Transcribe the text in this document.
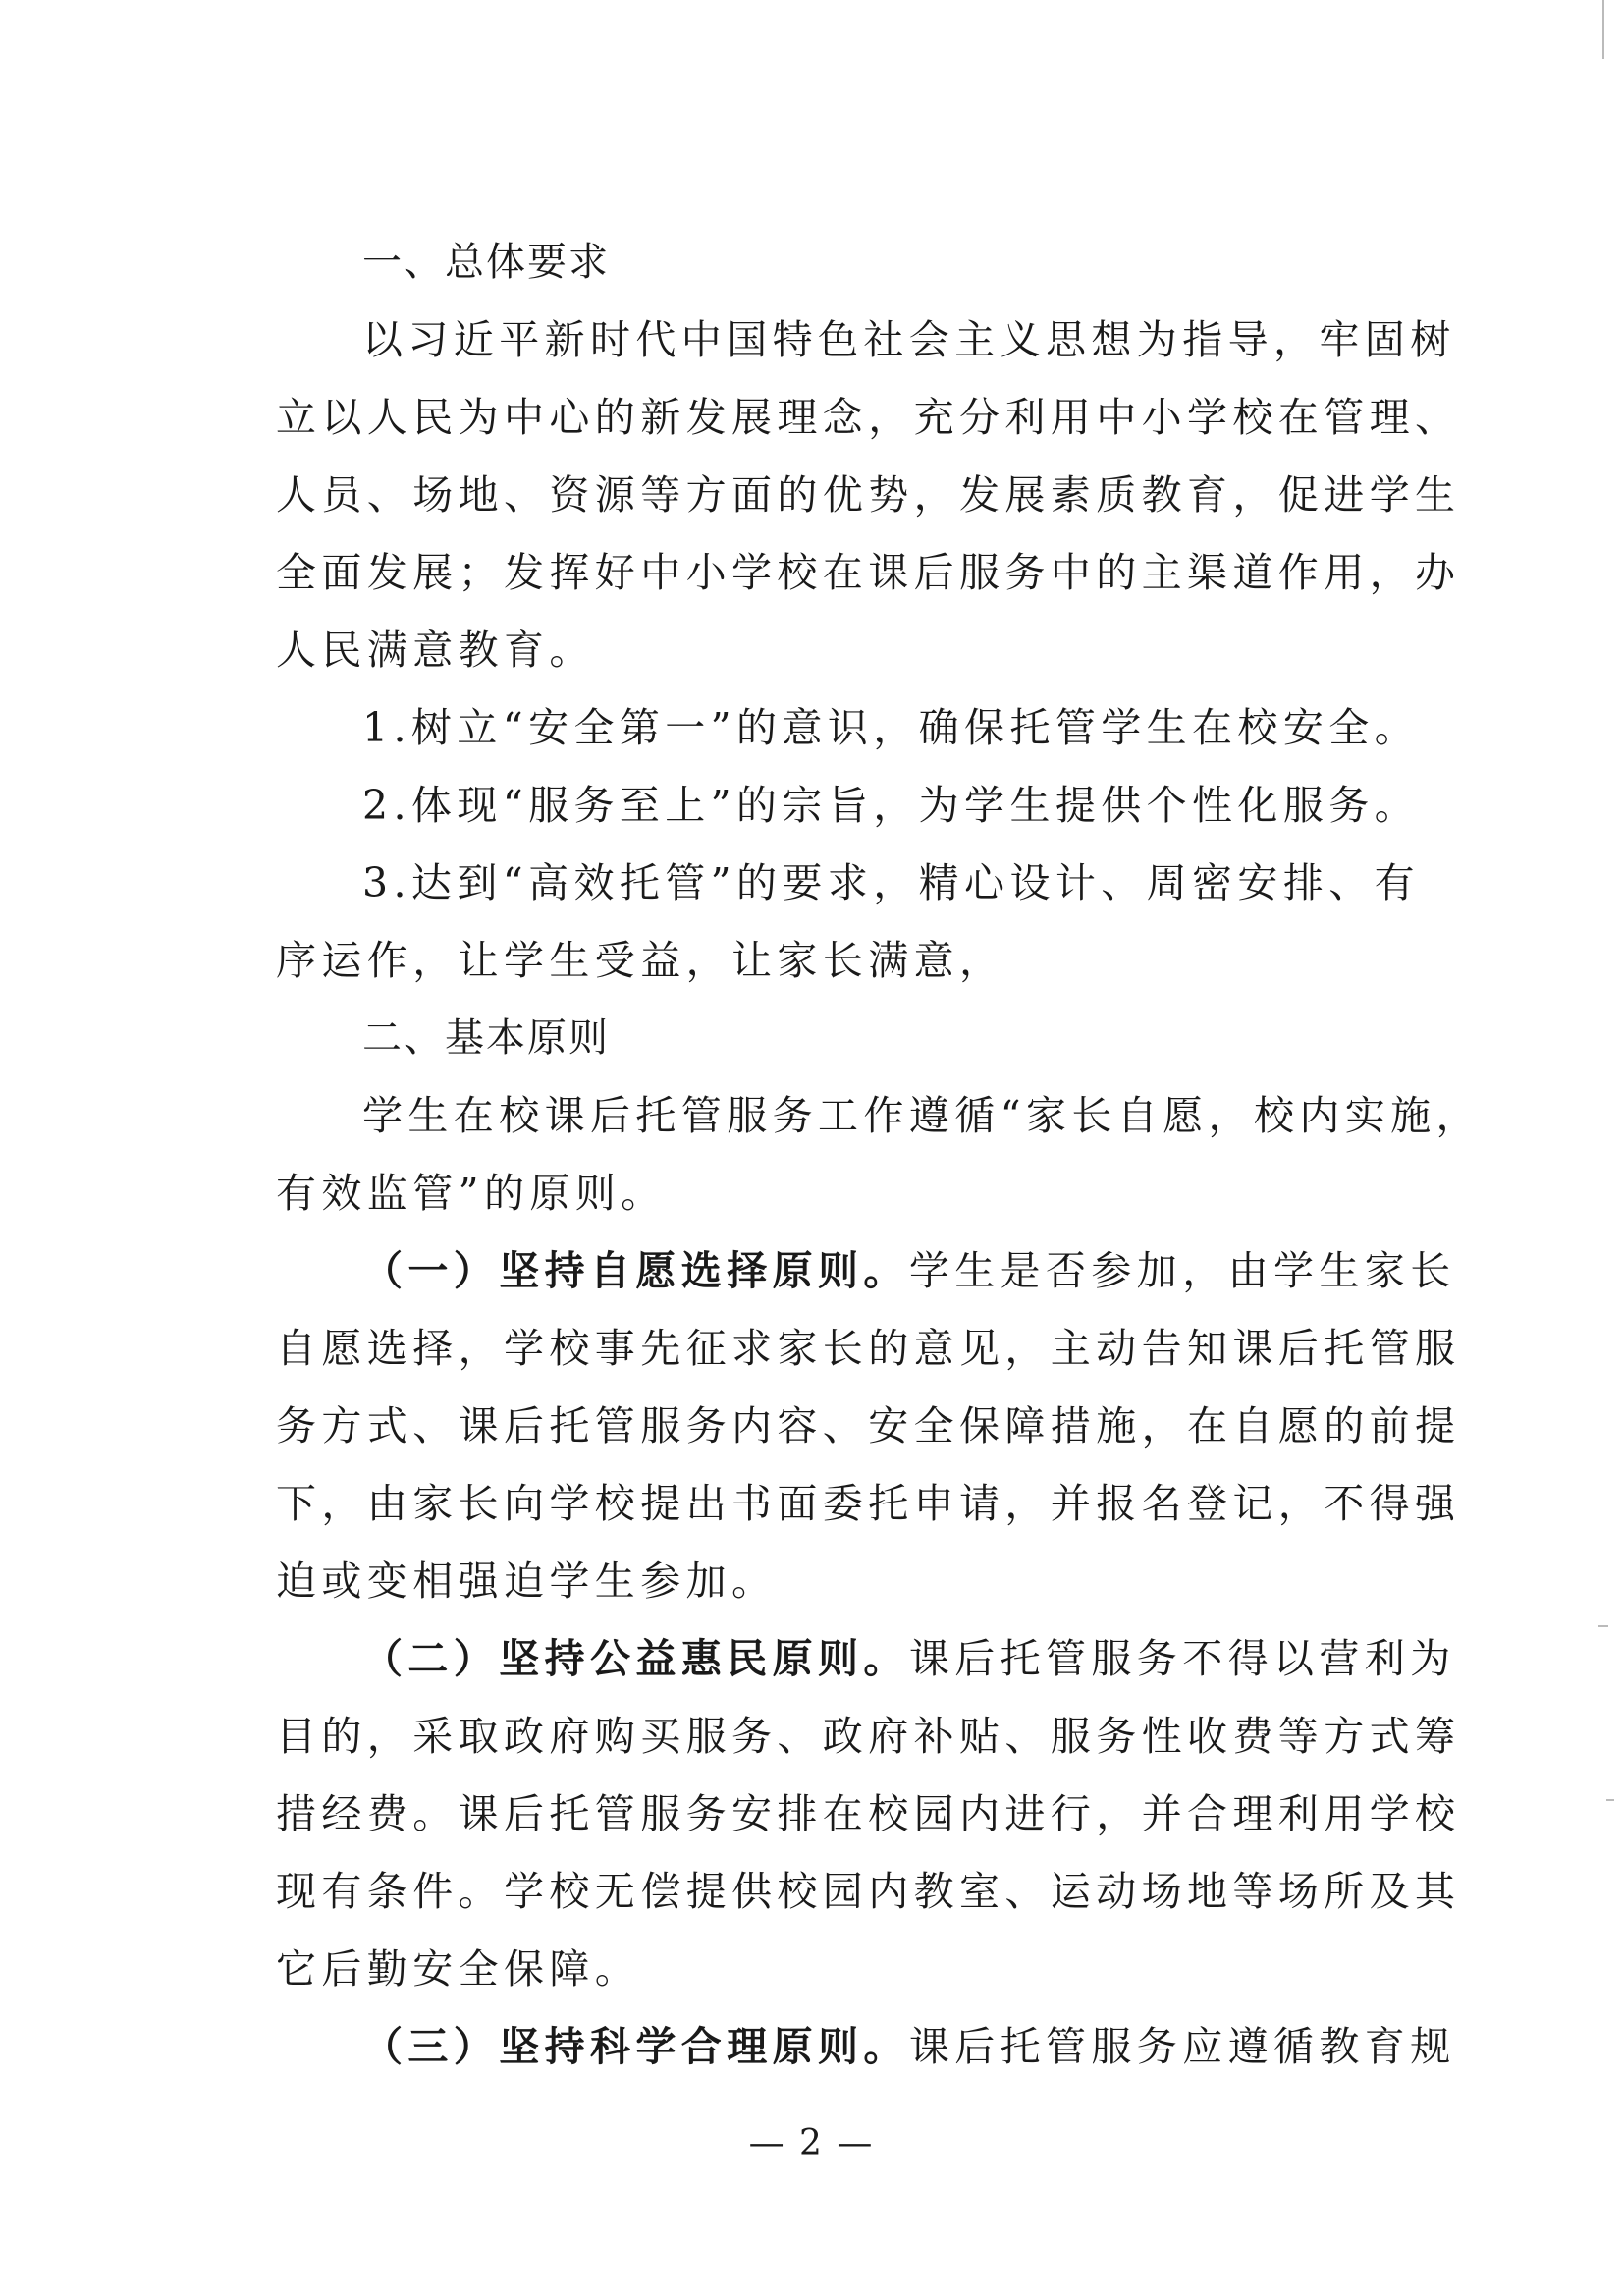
一、总体要求
以习近平新时代中国特色社会主义思想为指导，牢固树
立以人民为中心的新发展理念，充分利用中小学校在管理、
人员、场地、资源等方面的优势，发展素质教育，促进学生
全面发展；发挥好中小学校在课后服务中的主渠道作用，办
人民满意教育。
1.树立“安全第一”的意识，确保托管学生在校安全。
2.体现“服务至上”的宗旨，为学生提供个性化服务。
3.达到“高效托管”的要求，精心设计、周密安排、有
序运作，让学生受益，让家长满意，
二、基本原则
学生在校课后托管服务工作遵循“家长自愿，校内实施，
有效监管”的原则。
（一）坚持自愿选择原则。学生是否参加，由学生家长
自愿选择，学校事先征求家长的意见，主动告知课后托管服
务方式、课后托管服务内容、安全保障措施，在自愿的前提
下，由家长向学校提出书面委托申请，并报名登记，不得强
迫或变相强迫学生参加。
（二）坚持公益惠民原则。课后托管服务不得以营利为
目的，采取政府购买服务、政府补贴、服务性收费等方式筹
措经费。课后托管服务安排在校园内进行，并合理利用学校
现有条件。学校无偿提供校园内教室、运动场地等场所及其
它后勤安全保障。
（三）坚持科学合理原则。课后托管服务应遵循教育规
— 2 —
